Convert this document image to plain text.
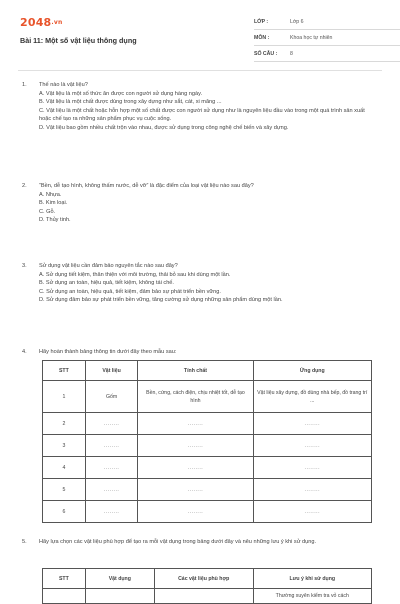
2048.vn
Bài 11: Một số vật liệu thông dụng
LỚP :	Lớp 6
MÔN :	Khoa học tự nhiên
SỐ CÂU :	8
1.	Thế nào là vật liệu?

A. Vật liệu là một số thức ăn được con người sử dụng hàng ngày.

B. Vật liệu là một chất được dùng trong xây dựng như sắt, cát, xi măng ...

C. Vật liệu là một chất hoặc hỗn hợp một số chất được con người sử dụng như là nguyên liệu đầu vào trong một quá trình sản xuất hoặc chế tạo ra những sản phẩm phục vụ cuộc sống.

D. Vật liệu bao gồm nhiều chất trộn vào nhau, được sử dụng trong công nghệ chế biến và xây dựng.

2.	“Bền, dễ tạo hình, không thấm nước, dễ vỡ” là đặc điểm của loại vật liệu nào sau đây?

A. Nhựa.

B. Kim loại.

C. Gỗ.

D. Thủy tinh.

3.	Sử dụng vật liệu cần đảm bảo nguyên tắc nào sau đây?

A. Sử dụng tiết kiệm, thân thiện với môi trường, thải bỏ sau khi dùng một lần.

B. Sử dụng an toàn, hiệu quả, tiết kiệm, không tái chế.

C. Sử dụng an toàn, hiệu quả, tiết kiệm, đảm bảo sự phát triển bền vững.

D. Sử dụng đảm bảo sự phát triển bền vững, tăng cường sử dụng những sản phẩm dùng một lần.

4.	Hãy hoàn thành bảng thông tin dưới đây theo mẫu sau:
STT	Vật liệu	Tính chất	Ứng dụng
1	Gốm	Bền, cứng, cách điện, chịu nhiệt tốt, dễ tạo hình	Vật liệu xây dựng, đồ dùng nhà bếp, đồ trang trí ...
2	........	........	........
3	........	........	........
4	........	........	........
5	........	........	........
6	........	........	........
5.	Hãy lựa chọn các vật liệu phù hợp để tạo ra mỗi vật dụng trong bảng dưới đây và nêu những lưu ý khi sử dụng.
STT	Vật dụng	Các vật liệu phù hợp	Lưu ý khi sử dụng
			Thường xuyên kiểm tra vỏ cách
